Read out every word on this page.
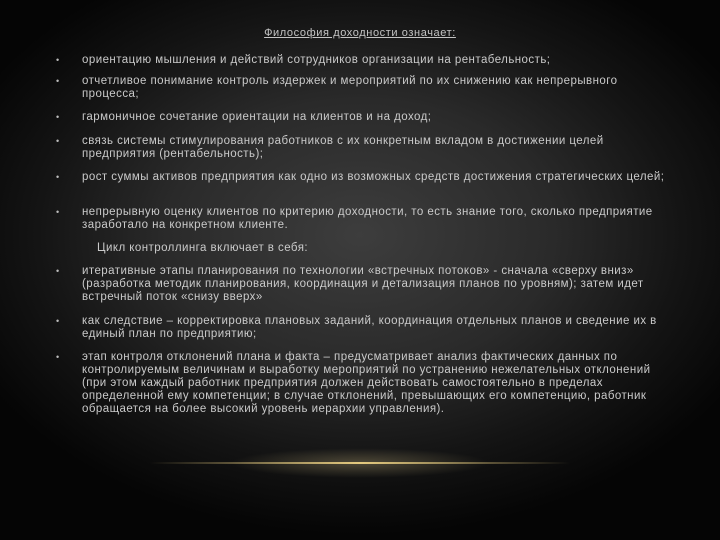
Философия доходности означает:
• ориентацию мышления и действий сотрудников организации на рентабельность;
• отчетливое понимание контроль издержек и мероприятий по их снижению как непрерывного процесса;
• гармоничное сочетание ориентации на клиентов и на доход;
• связь системы стимулирования работников с их конкретным вкладом в достижении целей предприятия (рентабельность);
• рост суммы активов предприятия как одно из возможных средств достижения стратегических целей;
• непрерывную оценку клиентов по критерию доходности, то есть знание того, сколько предприятие заработало на конкретном клиенте.
Цикл контроллинга включает в себя:
• итеративные этапы планирования по технологии «встречных потоков» - сначала «сверху вниз» (разработка методик планирования, координация и детализация планов по уровням); затем идет встречный поток «снизу вверх»
• как следствие – корректировка плановых заданий, координация отдельных планов и сведение их в единый план по предприятию;
• этап контроля отклонений плана и факта – предусматривает анализ фактических данных по контролируемым величинам и выработку мероприятий по устранению нежелательных отклонений (при этом каждый работник предприятия должен действовать самостоятельно в пределах определенной ему компетенции; в случае отклонений, превышающих его компетенцию, работник обращается на более высокий уровень иерархии управления).
